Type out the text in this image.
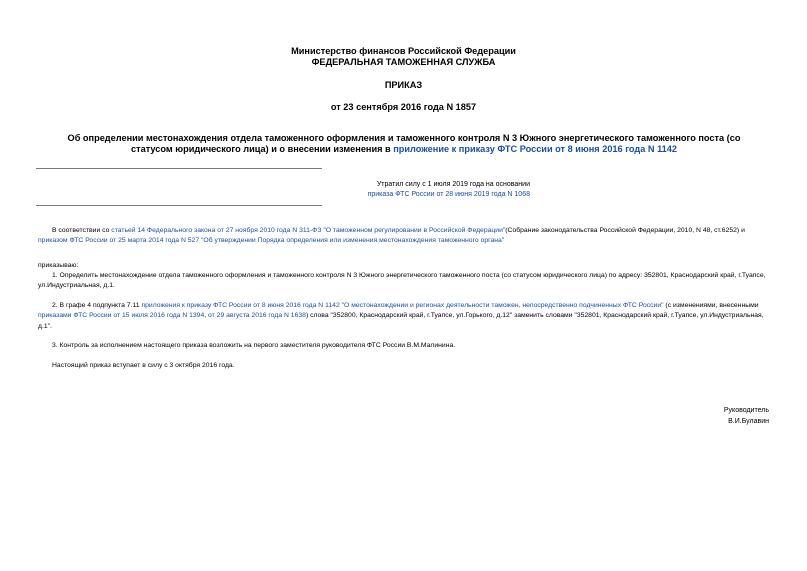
Министерство финансов Российской Федерации
ФЕДЕРАЛЬНАЯ ТАМОЖЕННАЯ СЛУЖБА
ПРИКАЗ
от 23 сентября 2016 года N 1857
Об определении местонахождения отдела таможенного оформления и таможенного контроля N 3 Южного энергетического таможенного поста (со статусом юридического лица) и о внесении изменения в приложение к приказу ФТС России от 8 июня 2016 года N 1142
Утратил силу с 1 июля 2019 года на основании
приказа ФТС России от 28 июня 2019 года N 1068

В соответствии со статьей 14 Федерального закона от 27 ноября 2010 года N 311-ФЗ "О таможенном регулировании в Российской Федерации"(Собрание законодательства Российской Федерации, 2010, N 48, ст.6252) и приказом ФТС России от 25 марта 2014 года N 527 "Об утверждении Порядка определения или изменения местонахождения таможенного органа"

приказываю:

1. Определить местонахождение отдела таможенного оформления и таможенного контроля N 3 Южного энергетического таможенного поста (со статусом юридического лица) по адресу: 352801, Краснодарский край, г.Туапсе, ул.Индустриальная, д.1.

2. В графе 4 подпункта 7.11 приложения к приказу ФТС России от 8 июня 2016 года N 1142 "О местонахождении и регионах деятельности таможен, непосредственно подчиненных ФТС России" (с изменениями, внесенными приказами ФТС России от 15 июля 2016 года N 1394, от 29 августа 2016 года N 1638) слова "352800, Краснодарский край, г.Туапсе, ул.Горького, д.12" заменить словами "352801, Краснодарский край, г.Туапсе, ул.Индустриальная, д.1".

3. Контроль за исполнением настоящего приказа возложить на первого заместителя руководителя ФТС России В.М.Малинина.

Настоящий приказ вступает в силу с 3 октября 2016 года.

Руководитель
В.И.Булавин
